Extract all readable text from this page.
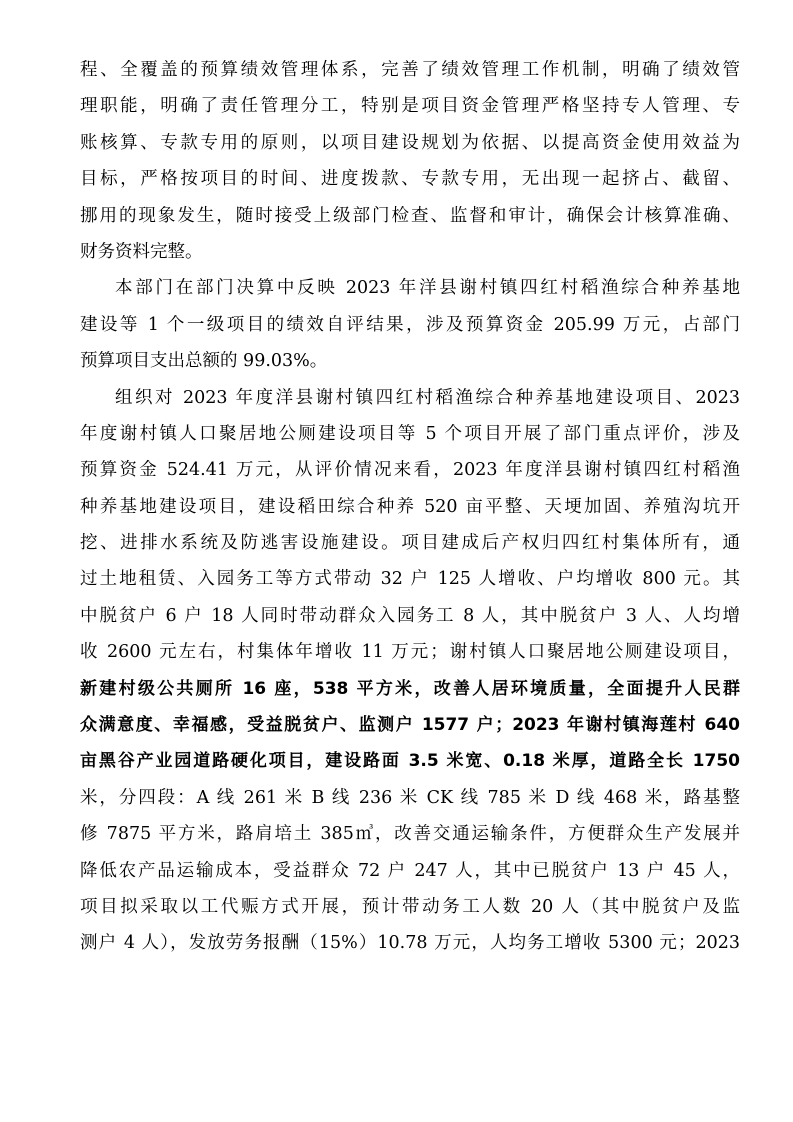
程、全覆盖的预算绩效管理体系，完善了绩效管理工作机制，明确了绩效管
理职能，明确了责任管理分工，特别是项目资金管理严格坚持专人管理、专
账核算、专款专用的原则，以项目建设规划为依据、以提高资金使用效益为
目标，严格按项目的时间、进度拨款、专款专用，无出现一起挤占、截留、
挪用的现象发生，随时接受上级部门检查、监督和审计，确保会计核算准确、
财务资料完整。
本部门在部门决算中反映 2023 年洋县谢村镇四红村稻渔综合种养基地
建设等 1 个一级项目的绩效自评结果，涉及预算资金 205.99 万元，占部门
预算项目支出总额的 99.03%。
组织对 2023 年度洋县谢村镇四红村稻渔综合种养基地建设项目、2023
年度谢村镇人口聚居地公厕建设项目等 5 个项目开展了部门重点评价，涉及
预算资金 524.41 万元，从评价情况来看，2023 年度洋县谢村镇四红村稻渔
种养基地建设项目，建设稻田综合种养 520 亩平整、天埂加固、养殖沟坑开
挖、进排水系统及防逃害设施建设。项目建成后产权归四红村集体所有，通
过土地租赁、入园务工等方式带动 32 户 125 人增收、户均增收 800 元。其
中脱贫户 6 户 18 人同时带动群众入园务工 8 人，其中脱贫户 3 人、人均增
收 2600 元左右，村集体年增收 11 万元；谢村镇人口聚居地公厕建设项目，
新建村级公共厕所 16 座，538 平方米，改善人居环境质量，全面提升人民群
众满意度、幸福感，受益脱贫户、监测户 1577 户；2023 年谢村镇海莲村 640
亩黑谷产业园道路硬化项目，建设路面 3.5 米宽、0.18 米厚，道路全长 1750
米，分四段：A 线 261 米 B 线 236 米 CK 线 785 米 D 线 468 米，路基整
修 7875 平方米，路肩培土 385㎥，改善交通运输条件，方便群众生产发展并
降低农产品运输成本，受益群众 72 户 247 人，其中已脱贫户 13 户 45 人，
项目拟采取以工代赈方式开展，预计带动务工人数 20 人（其中脱贫户及监
测户 4 人），发放劳务报酬（15%）10.78 万元，人均务工增收 5300 元；2023
